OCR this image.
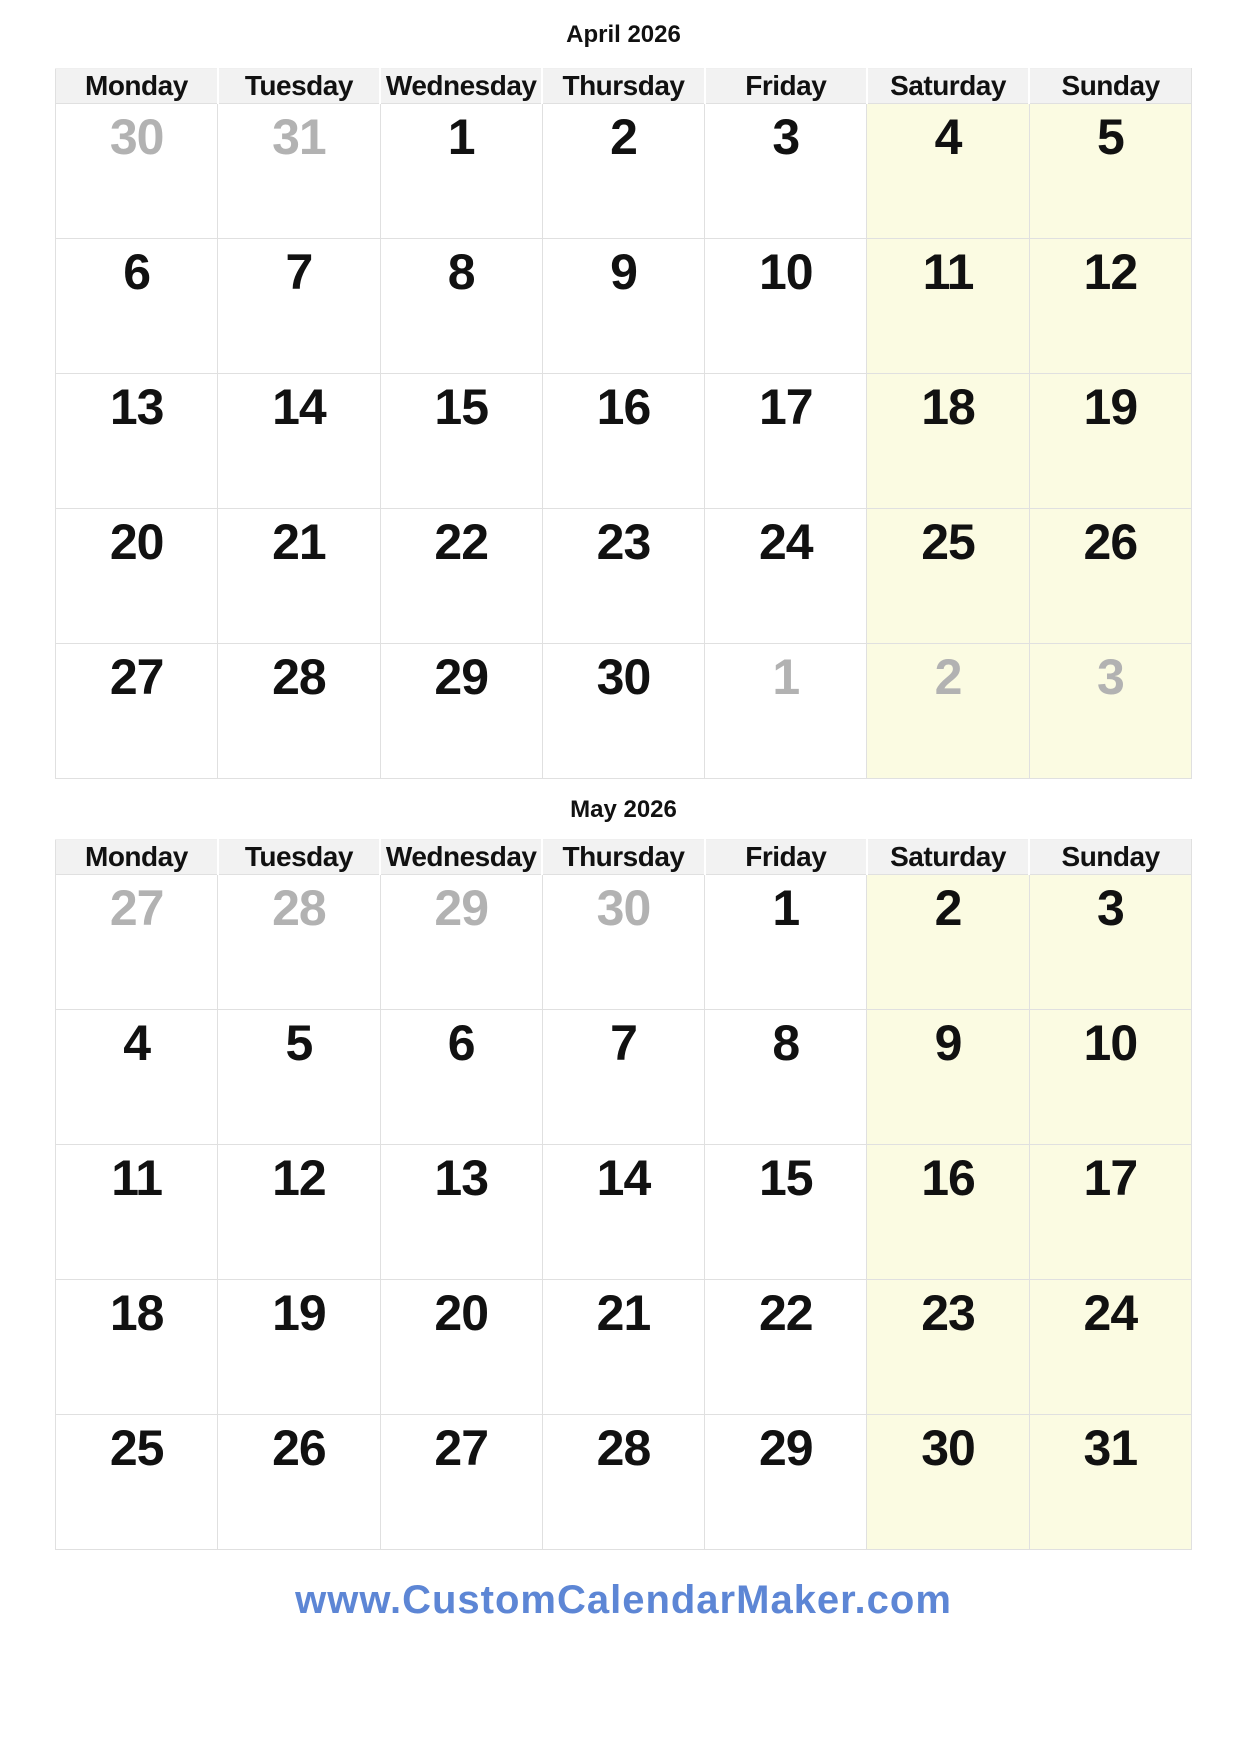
April 2026
Monday	Tuesday	Wednesday	Thursday	Friday	Saturday	Sunday
30	31	1	2	3	4	5
6	7	8	9	10	11	12
13	14	15	16	17	18	19
20	21	22	23	24	25	26
27	28	29	30	1	2	3
May 2026
Monday	Tuesday	Wednesday	Thursday	Friday	Saturday	Sunday
27	28	29	30	1	2	3
4	5	6	7	8	9	10
11	12	13	14	15	16	17
18	19	20	21	22	23	24
25	26	27	28	29	30	31
www.CustomCalendarMaker.com
